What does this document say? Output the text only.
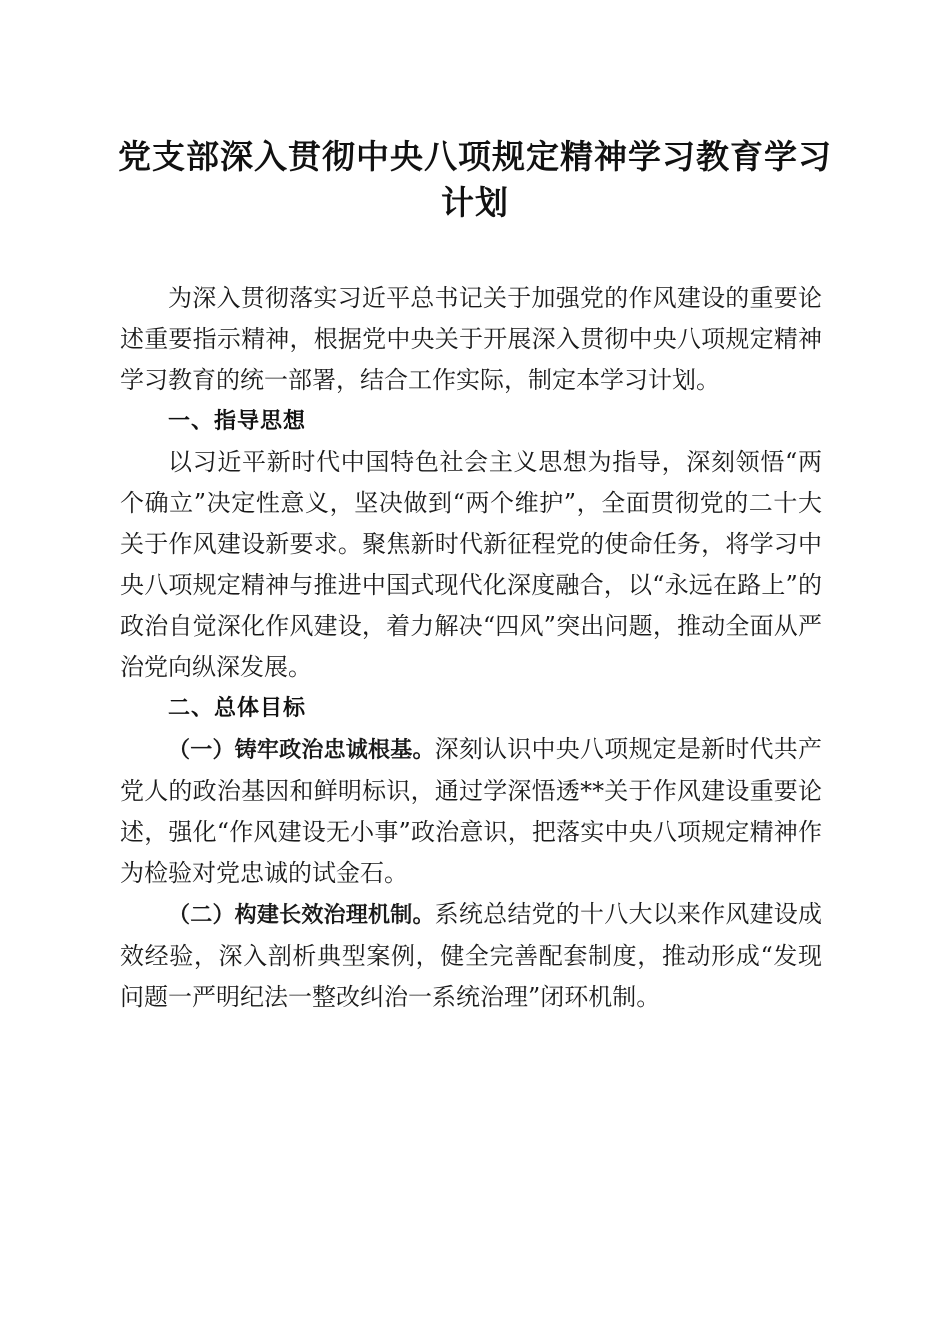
党支部深入贯彻中央八项规定精神学习教育学习计划

为深入贯彻落实习近平总书记关于加强党的作风建设的重要论述重要指示精神，根据党中央关于开展深入贯彻中央八项规定精神学习教育的统一部署，结合工作实际，制定本学习计划。

一、指导思想

以习近平新时代中国特色社会主义思想为指导，深刻领悟“两个确立”决定性意义，坚决做到“两个维护”，全面贯彻党的二十大关于作风建设新要求。聚焦新时代新征程党的使命任务，将学习中央八项规定精神与推进中国式现代化深度融合，以“永远在路上”的政治自觉深化作风建设，着力解决“四风”突出问题，推动全面从严治党向纵深发展。

二、总体目标

（一）铸牢政治忠诚根基。深刻认识中央八项规定是新时代共产党人的政治基因和鲜明标识，通过学深悟透**关于作风建设重要论述，强化“作风建设无小事”政治意识，把落实中央八项规定精神作为检验对党忠诚的试金石。

（二）构建长效治理机制。系统总结党的十八大以来作风建设成效经验，深入剖析典型案例，健全完善配套制度，推动形成“发现问题一严明纪法一整改纠治一系统治理”闭环机制。
